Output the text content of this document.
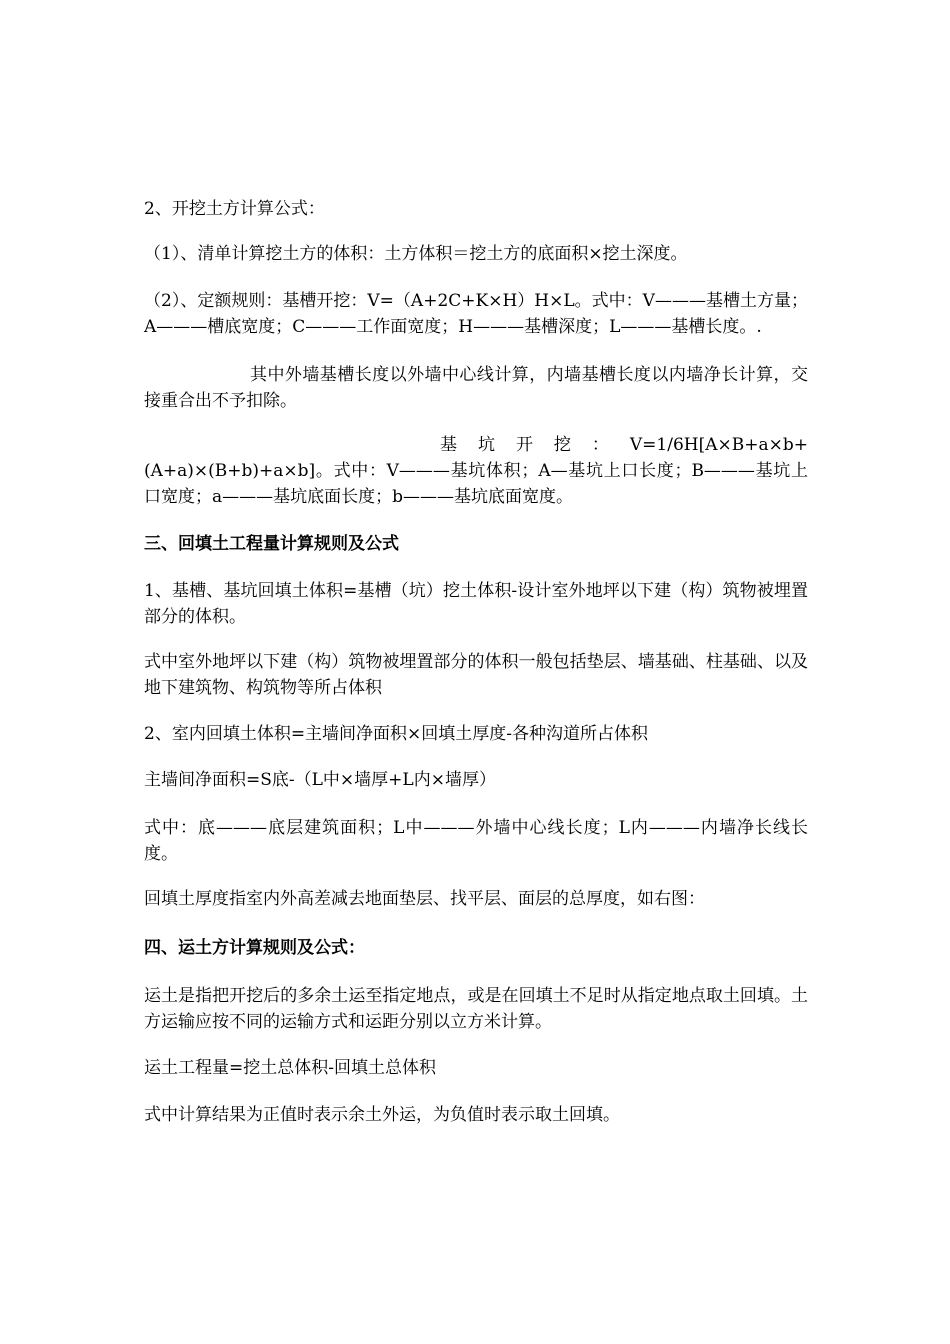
2、开挖土方计算公式：

（1）、清单计算挖土方的体积：土方体积＝挖土方的底面积×挖土深度。

（2）、定额规则：基槽开挖：V=（A+2C+K×H）H×L。式中：V———基槽土方量；A———槽底宽度；C———工作面宽度；H———基槽深度；L———基槽长度。.

其中外墙基槽长度以外墙中心线计算，内墙基槽长度以内墙净长计算，交接重合出不予扣除。

基坑开挖：V=1/6H[A×B+a×b+(A+a)×(B+b)+a×b]。式中：V———基坑体积；A—基坑上口长度；B———基坑上口宽度；a———基坑底面长度；b———基坑底面宽度。

三、回填土工程量计算规则及公式

1、基槽、基坑回填土体积=基槽（坑）挖土体积-设计室外地坪以下建（构）筑物被埋置部分的体积。

式中室外地坪以下建（构）筑物被埋置部分的体积一般包括垫层、墙基础、柱基础、以及地下建筑物、构筑物等所占体积

2、室内回填土体积=主墙间净面积×回填土厚度-各种沟道所占体积

主墙间净面积=S底-（L中×墙厚+L内×墙厚）

式中：底———底层建筑面积；L中———外墙中心线长度；L内———内墙净长线长度。

回填土厚度指室内外高差减去地面垫层、找平层、面层的总厚度，如右图：

四、运土方计算规则及公式：

运土是指把开挖后的多余土运至指定地点，或是在回填土不足时从指定地点取土回填。土方运输应按不同的运输方式和运距分别以立方米计算。

运土工程量=挖土总体积-回填土总体积

式中计算结果为正值时表示余土外运，为负值时表示取土回填。
